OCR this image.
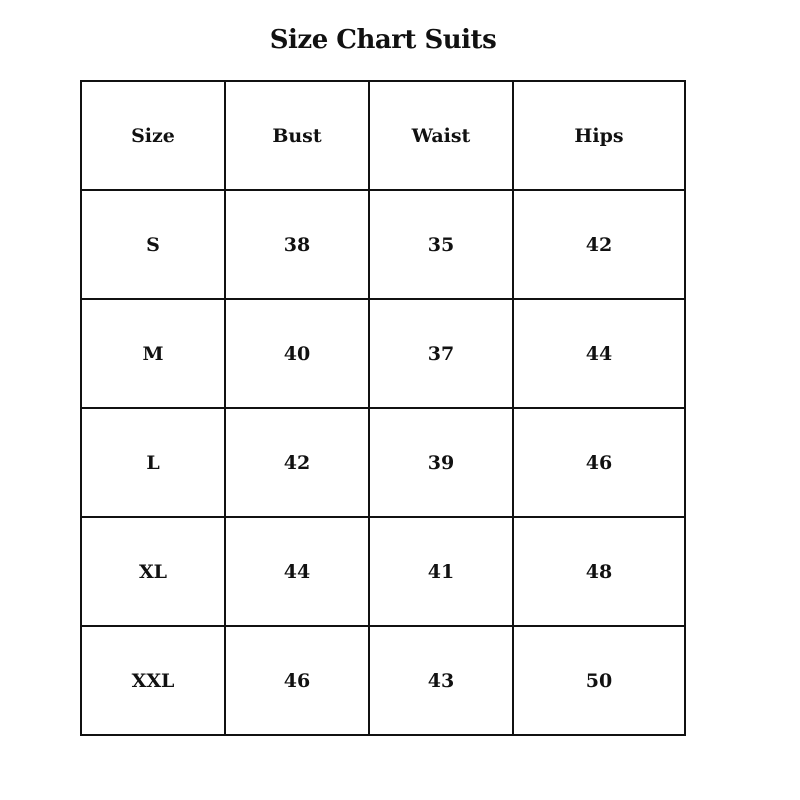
Size Chart Suits
Size	Bust	Waist	Hips
S	38	35	42
M	40	37	44
L	42	39	46
XL	44	41	48
XXL	46	43	50
